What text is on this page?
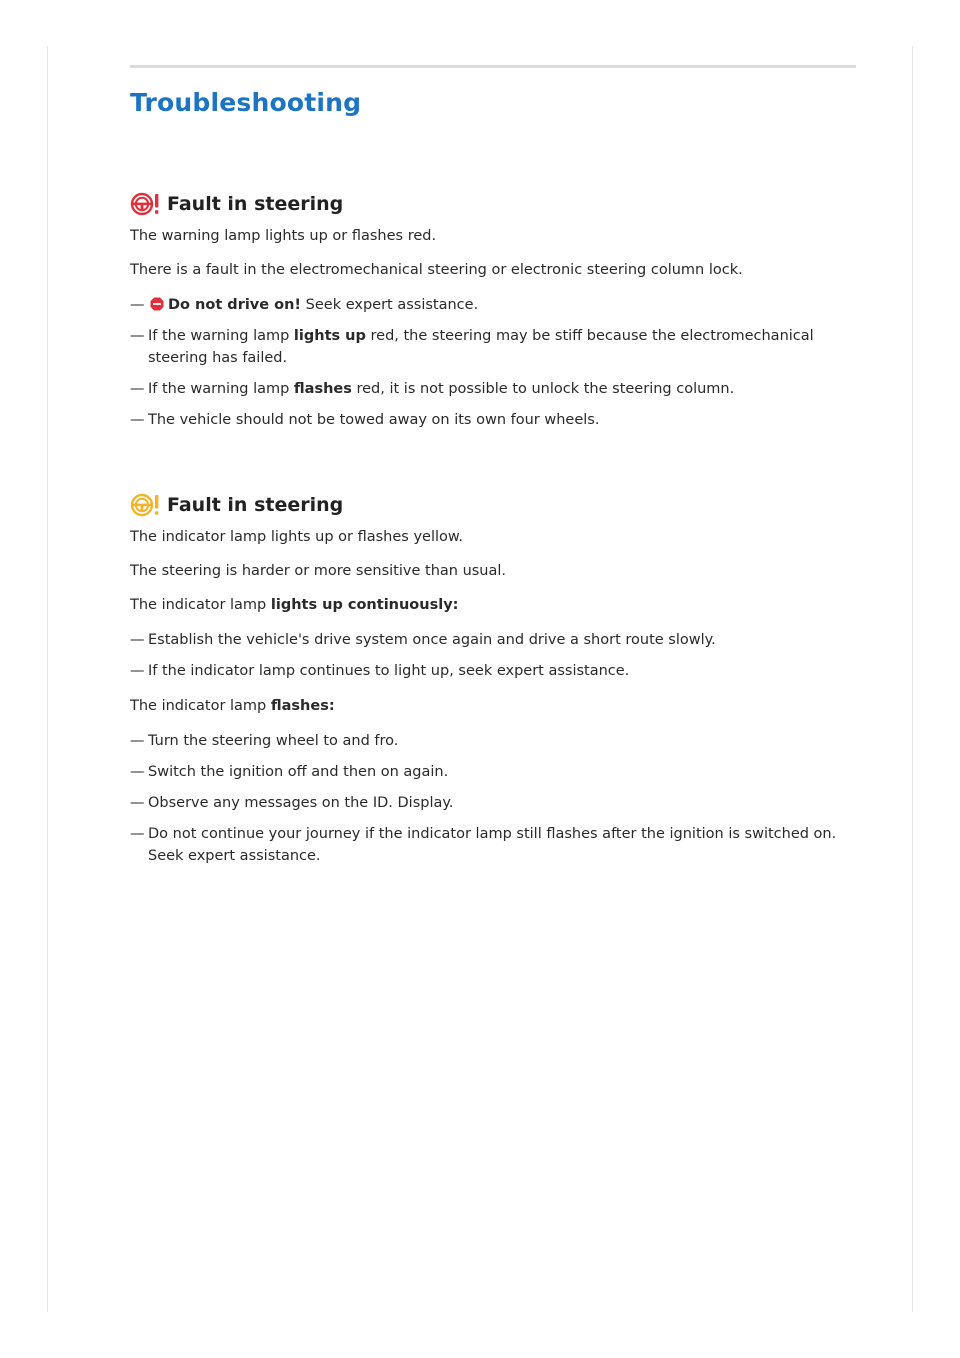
Troubleshooting
Fault in steering

The warning lamp lights up or flashes red.

There is a fault in the electromechanical steering or electronic steering column lock.

— Do not drive on! Seek expert assistance.
— If the warning lamp lights up red, the steering may be stiff because the electromechanical steering has failed.
— If the warning lamp flashes red, it is not possible to unlock the steering column.
— The vehicle should not be towed away on its own four wheels.
Fault in steering

The indicator lamp lights up or flashes yellow.

The steering is harder or more sensitive than usual.

The indicator lamp lights up continuously:

— Establish the vehicle's drive system once again and drive a short route slowly.
— If the indicator lamp continues to light up, seek expert assistance.

The indicator lamp flashes:

— Turn the steering wheel to and fro.
— Switch the ignition off and then on again.
— Observe any messages on the ID. Display.
— Do not continue your journey if the indicator lamp still flashes after the ignition is switched on. Seek expert assistance.
